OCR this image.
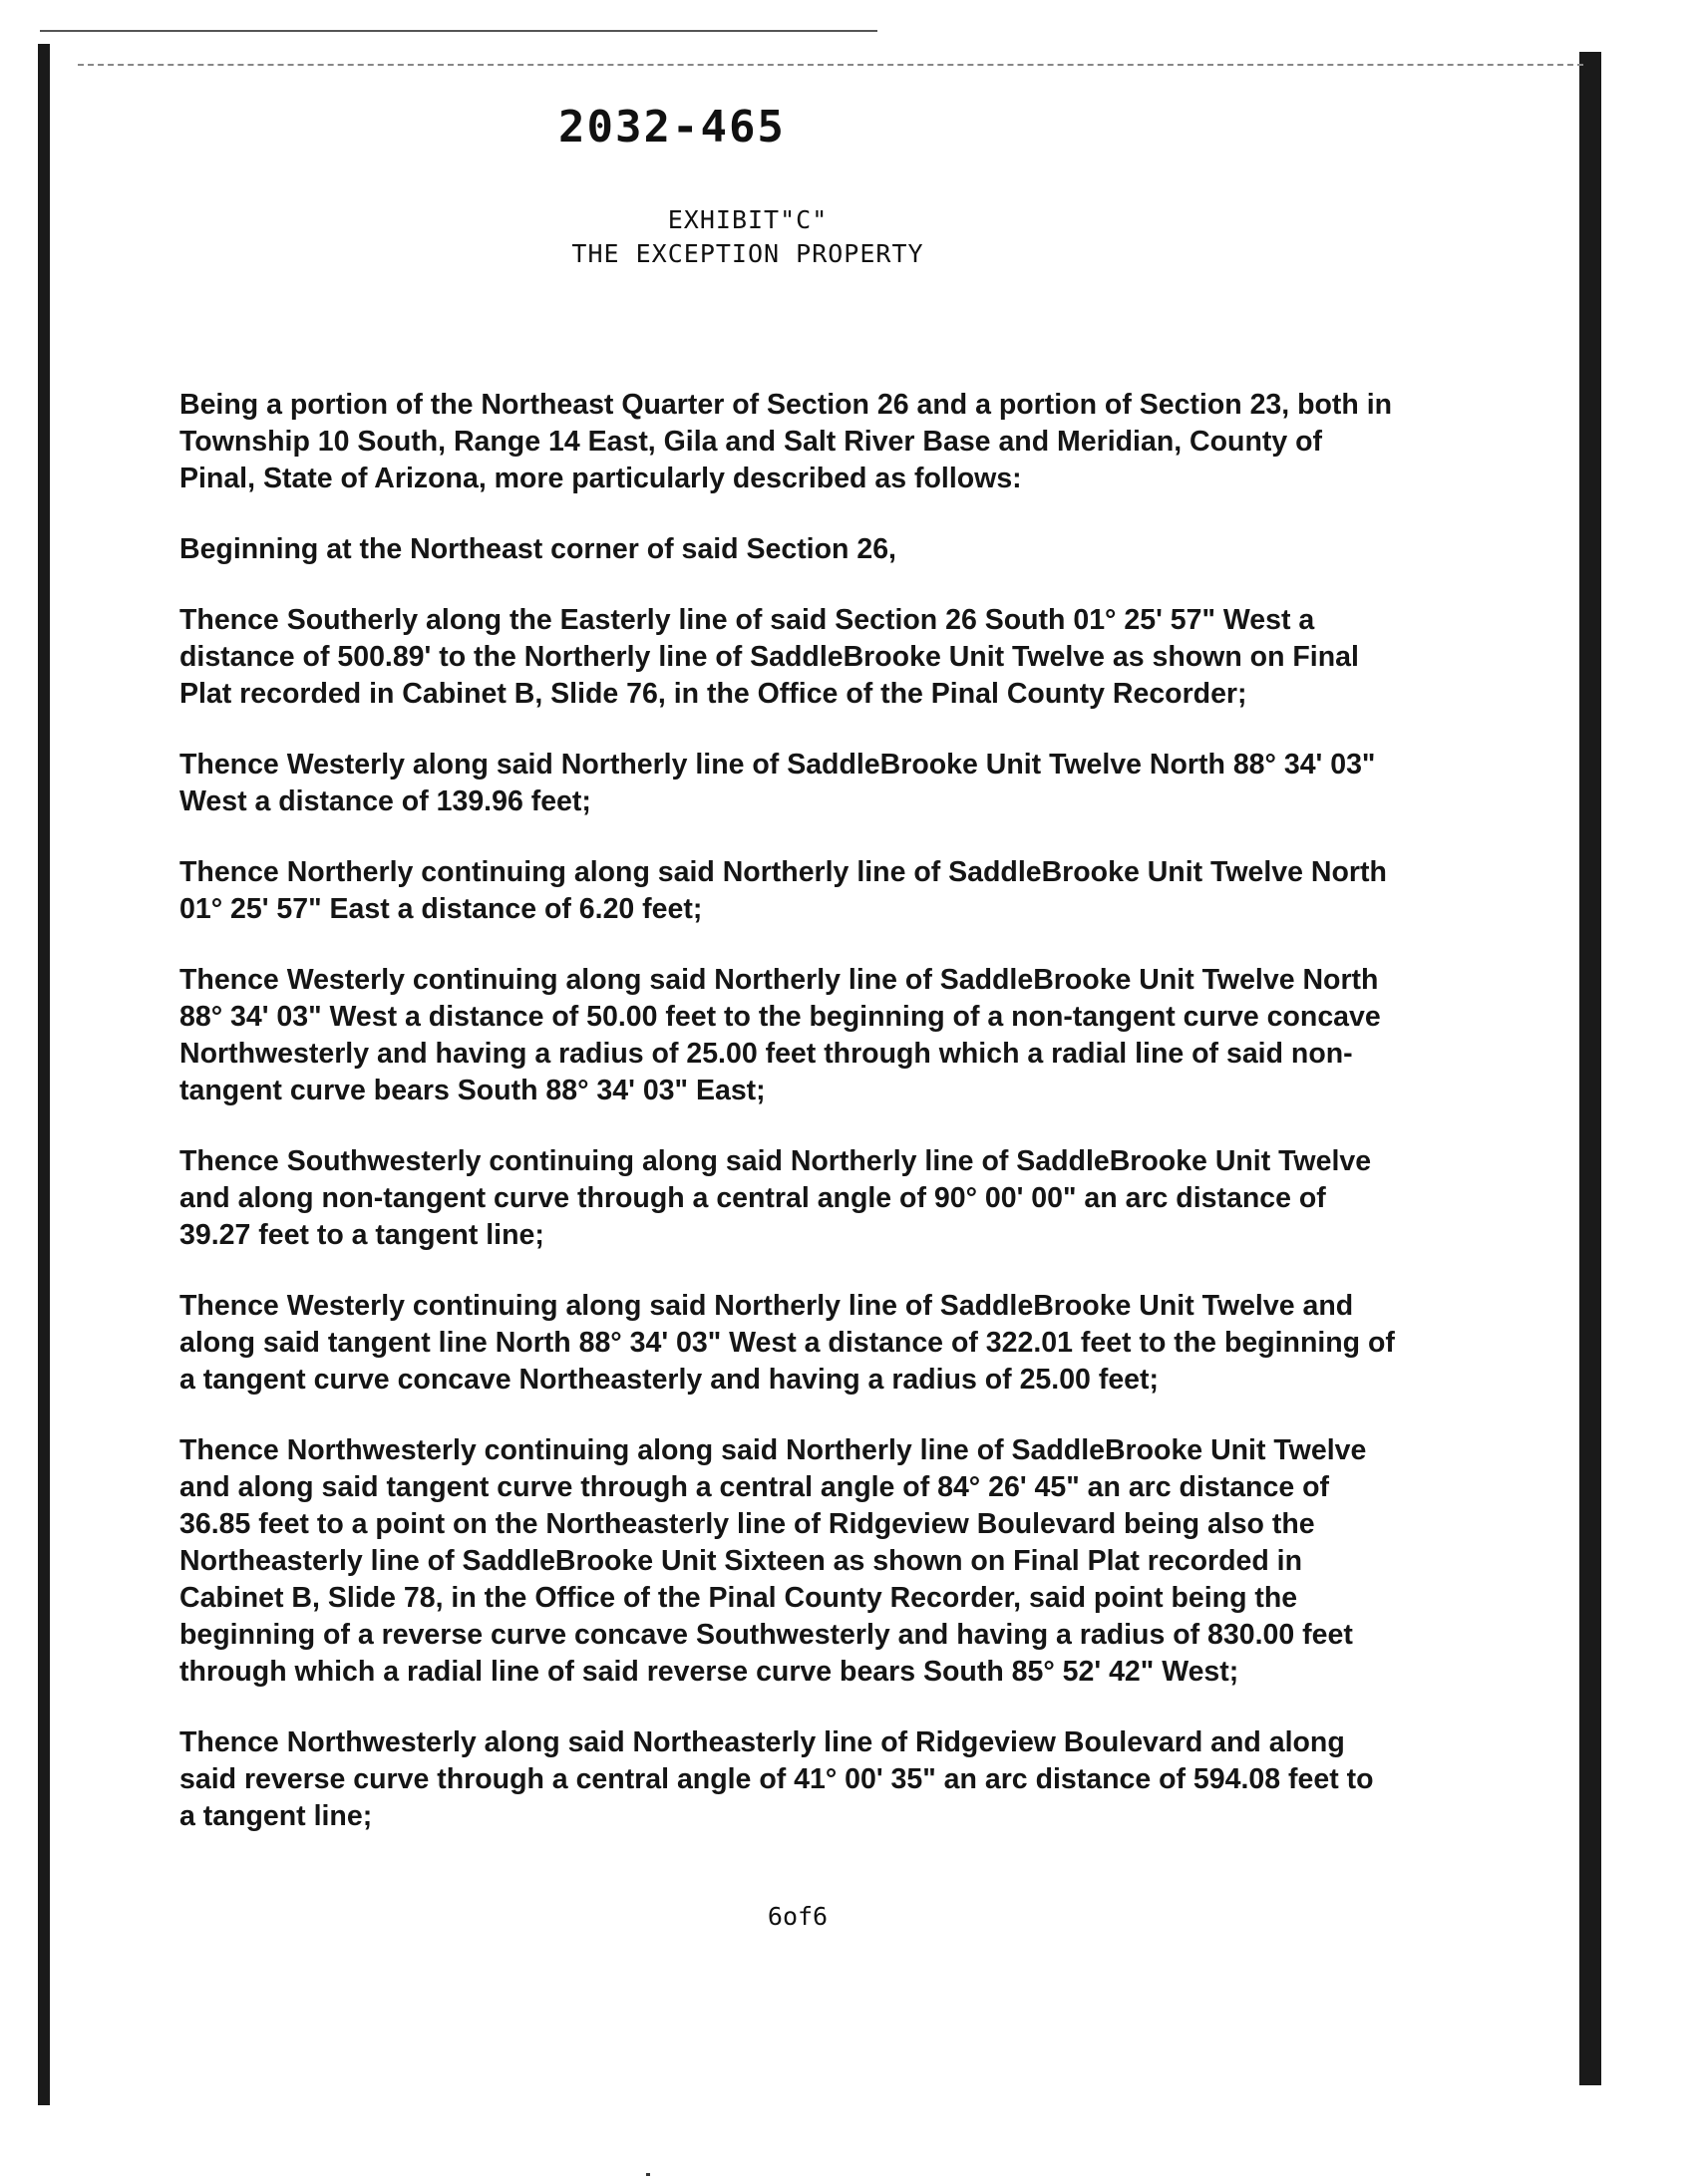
2032-465

EXHIBIT"C"

THE EXCEPTION PROPERTY

Being a portion of the Northeast Quarter of Section 26 and a portion of Section 23, both in Township 10 South, Range 14 East, Gila and Salt River Base and Meridian, County of Pinal, State of Arizona, more particularly described as follows:

Beginning at the Northeast corner of said Section 26,

Thence Southerly along the Easterly line of said Section 26 South 01° 25' 57" West a distance of 500.89' to the Northerly line of SaddleBrooke Unit Twelve as shown on Final Plat recorded in Cabinet B, Slide 76, in the Office of the Pinal County Recorder;

Thence Westerly along said Northerly line of SaddleBrooke Unit Twelve North 88° 34' 03" West a distance of 139.96 feet;

Thence Northerly continuing along said Northerly line of SaddleBrooke Unit Twelve North 01° 25' 57" East a distance of 6.20 feet;

Thence Westerly continuing along said Northerly line of SaddleBrooke Unit Twelve North 88° 34' 03" West a distance of 50.00 feet to the beginning of a non-tangent curve concave Northwesterly and having a radius of 25.00 feet through which a radial line of said non-tangent curve bears South 88° 34' 03" East;

Thence Southwesterly continuing along said Northerly line of SaddleBrooke Unit Twelve and along non-tangent curve through a central angle of 90° 00' 00" an arc distance of 39.27 feet to a tangent line;

Thence Westerly continuing along said Northerly line of SaddleBrooke Unit Twelve and along said tangent line North 88° 34' 03" West a distance of 322.01 feet to the beginning of a tangent curve concave Northeasterly and having a radius of 25.00 feet;

Thence Northwesterly continuing along said Northerly line of SaddleBrooke Unit Twelve and along said tangent curve through a central angle of 84° 26' 45" an arc distance of 36.85 feet to a point on the Northeasterly line of Ridgeview Boulevard being also the Northeasterly line of SaddleBrooke Unit Sixteen as shown on Final Plat recorded in Cabinet B, Slide 78, in the Office of the Pinal County Recorder, said point being the beginning of a reverse curve concave Southwesterly and having a radius of 830.00 feet through which a radial line of said reverse curve bears South 85° 52' 42" West;

Thence Northwesterly along said Northeasterly line of Ridgeview Boulevard and along said reverse curve through a central angle of 41° 00' 35" an arc distance of 594.08 feet to a tangent line;

6of6
